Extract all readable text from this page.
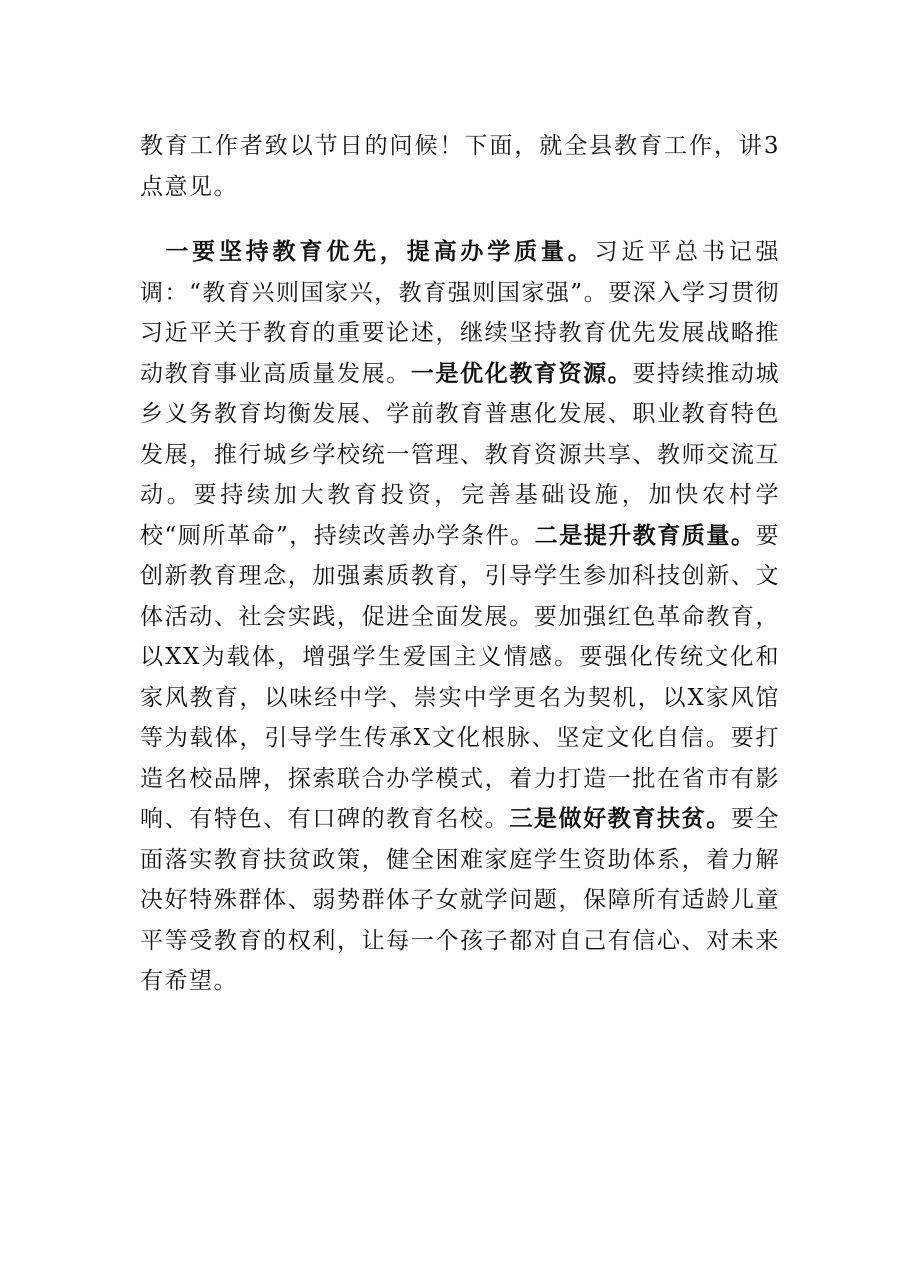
教育工作者致以节日的问候！下面，就全县教育工作，讲3点意见。
一要坚持教育优先，提高办学质量。习近平总书记强调：“教育兴则国家兴，教育强则国家强”。要深入学习贯彻习近平关于教育的重要论述，继续坚持教育优先发展战略推动教育事业高质量发展。一是优化教育资源。要持续推动城乡义务教育均衡发展、学前教育普惠化发展、职业教育特色发展，推行城乡学校统一管理、教育资源共享、教师交流互动。要持续加大教育投资，完善基础设施，加快农村学校“厕所革命”，持续改善办学条件。二是提升教育质量。要创新教育理念，加强素质教育，引导学生参加科技创新、文体活动、社会实践，促进全面发展。要加强红色革命教育，以XX为载体，增强学生爱国主义情感。要强化传统文化和家风教育，以味经中学、崇实中学更名为契机，以X家风馆等为载体，引导学生传承X文化根脉、坚定文化自信。要打造名校品牌，探索联合办学模式，着力打造一批在省市有影响、有特色、有口碑的教育名校。三是做好教育扶贫。要全面落实教育扶贫政策，健全困难家庭学生资助体系，着力解决好特殊群体、弱势群体子女就学问题，保障所有适龄儿童平等受教育的权利，让每一个孩子都对自己有信心、对未来有希望。
